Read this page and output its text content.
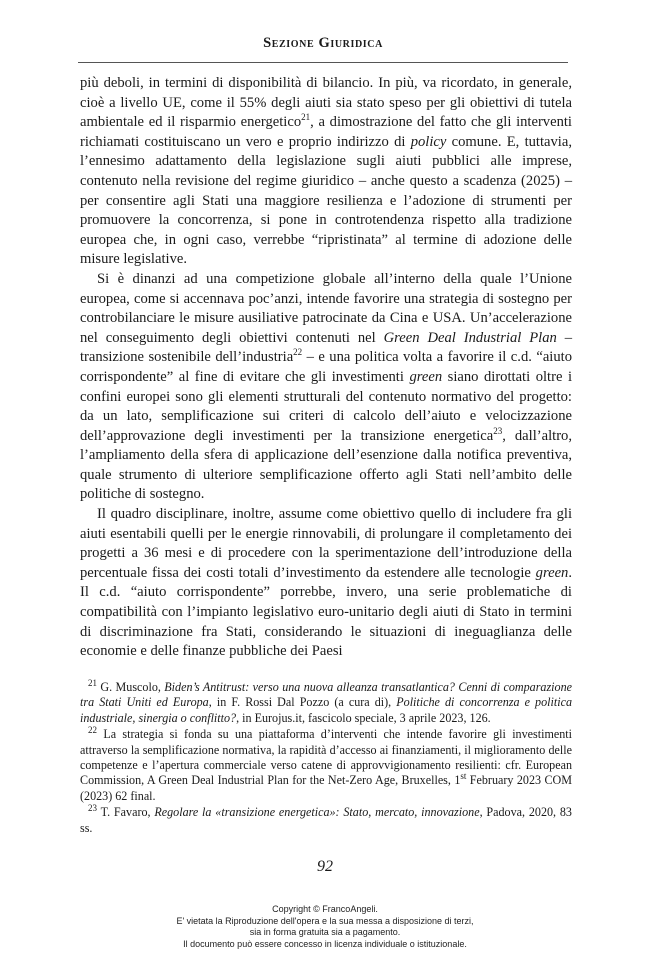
Sezione Giuridica

più deboli, in termini di disponibilità di bilancio. In più, va ricordato, in generale, cioè a livello UE, come il 55% degli aiuti sia stato speso per gli obiettivi di tutela ambientale ed il risparmio energetico$^{21}$, a dimostrazione del fatto che gli interventi richiamati costituiscano un vero e proprio indirizzo di policy comune. E, tuttavia, l’ennesimo adattamento della legislazione sugli aiuti pubblici alle imprese, contenuto nella revisione del regime giuridico – anche questo a scadenza (2025) – per consentire agli Stati una maggiore resilienza e l’adozione di strumenti per promuovere la concorrenza, si pone in controtendenza rispetto alla tradizione europea che, in ogni caso, verrebbe “ripristinata” al termine di adozione delle misure legislative.

Si è dinanzi ad una competizione globale all’interno della quale l’Unione europea, come si accennava poc’anzi, intende favorire una strategia di sostegno per controbilanciare le misure ausiliative patrocinate da Cina e USA. Un’accelerazione nel conseguimento degli obiettivi contenuti nel Green Deal Industrial Plan – transizione sostenibile dell’industria$^{22}$ – e una politica volta a favorire il c.d. “aiuto corrispondente” al fine di evitare che gli investimenti green siano dirottati oltre i confini europei sono gli elementi strutturali del contenuto normativo del progetto: da un lato, semplificazione sui criteri di calcolo dell’aiuto e velocizzazione dell’approvazione degli investimenti per la transizione energetica$^{23}$, dall’altro, l’ampliamento della sfera di applicazione dell’esenzione dalla notifica preventiva, quale strumento di ulteriore semplificazione offerto agli Stati nell’ambito delle politiche di sostegno.

Il quadro disciplinare, inoltre, assume come obiettivo quello di includere fra gli aiuti esentabili quelli per le energie rinnovabili, di prolungare il completamento dei progetti a 36 mesi e di procedere con la sperimentazione dell’introduzione della percentuale fissa dei costi totali d’investimento da estendere alle tecnologie green. Il c.d. “aiuto corrispondente” porrebbe, invero, una serie problematiche di compatibilità con l’impianto legislativo euro-unitario degli aiuti di Stato in termini di discriminazione fra Stati, considerando le situazioni di ineguaglianza delle economie e delle finanze pubbliche dei Paesi

$^{21}$ G. Muscolo, Biden’s Antitrust: verso una nuova alleanza transatlantica? Cenni di comparazione tra Stati Uniti ed Europa, in F. Rossi Dal Pozzo (a cura di), Politiche di concorrenza e politica industriale, sinergia o conflitto?, in Eurojus.it, fascicolo speciale, 3 aprile 2023, 126.

$^{22}$ La strategia si fonda su una piattaforma d’interventi che intende favorire gli investimenti attraverso la semplificazione normativa, la rapidità d’accesso ai finanziamenti, il miglioramento delle competenze e l’apertura commerciale verso catene di approvvigionamento resilienti: cfr. European Commission, A Green Deal Industrial Plan for the Net-Zero Age, Bruxelles, 1st February 2023 COM (2023) 62 final.

$^{23}$ T. Favaro, Regolare la «transizione energetica»: Stato, mercato, innovazione, Padova, 2020, 83 ss.

92
Copyright © FrancoAngeli.
E' vietata la Riproduzione dell'opera e la sua messa a disposizione di terzi,
sia in forma gratuita sia a pagamento.
Il documento può essere concesso in licenza individuale o istituzionale.
